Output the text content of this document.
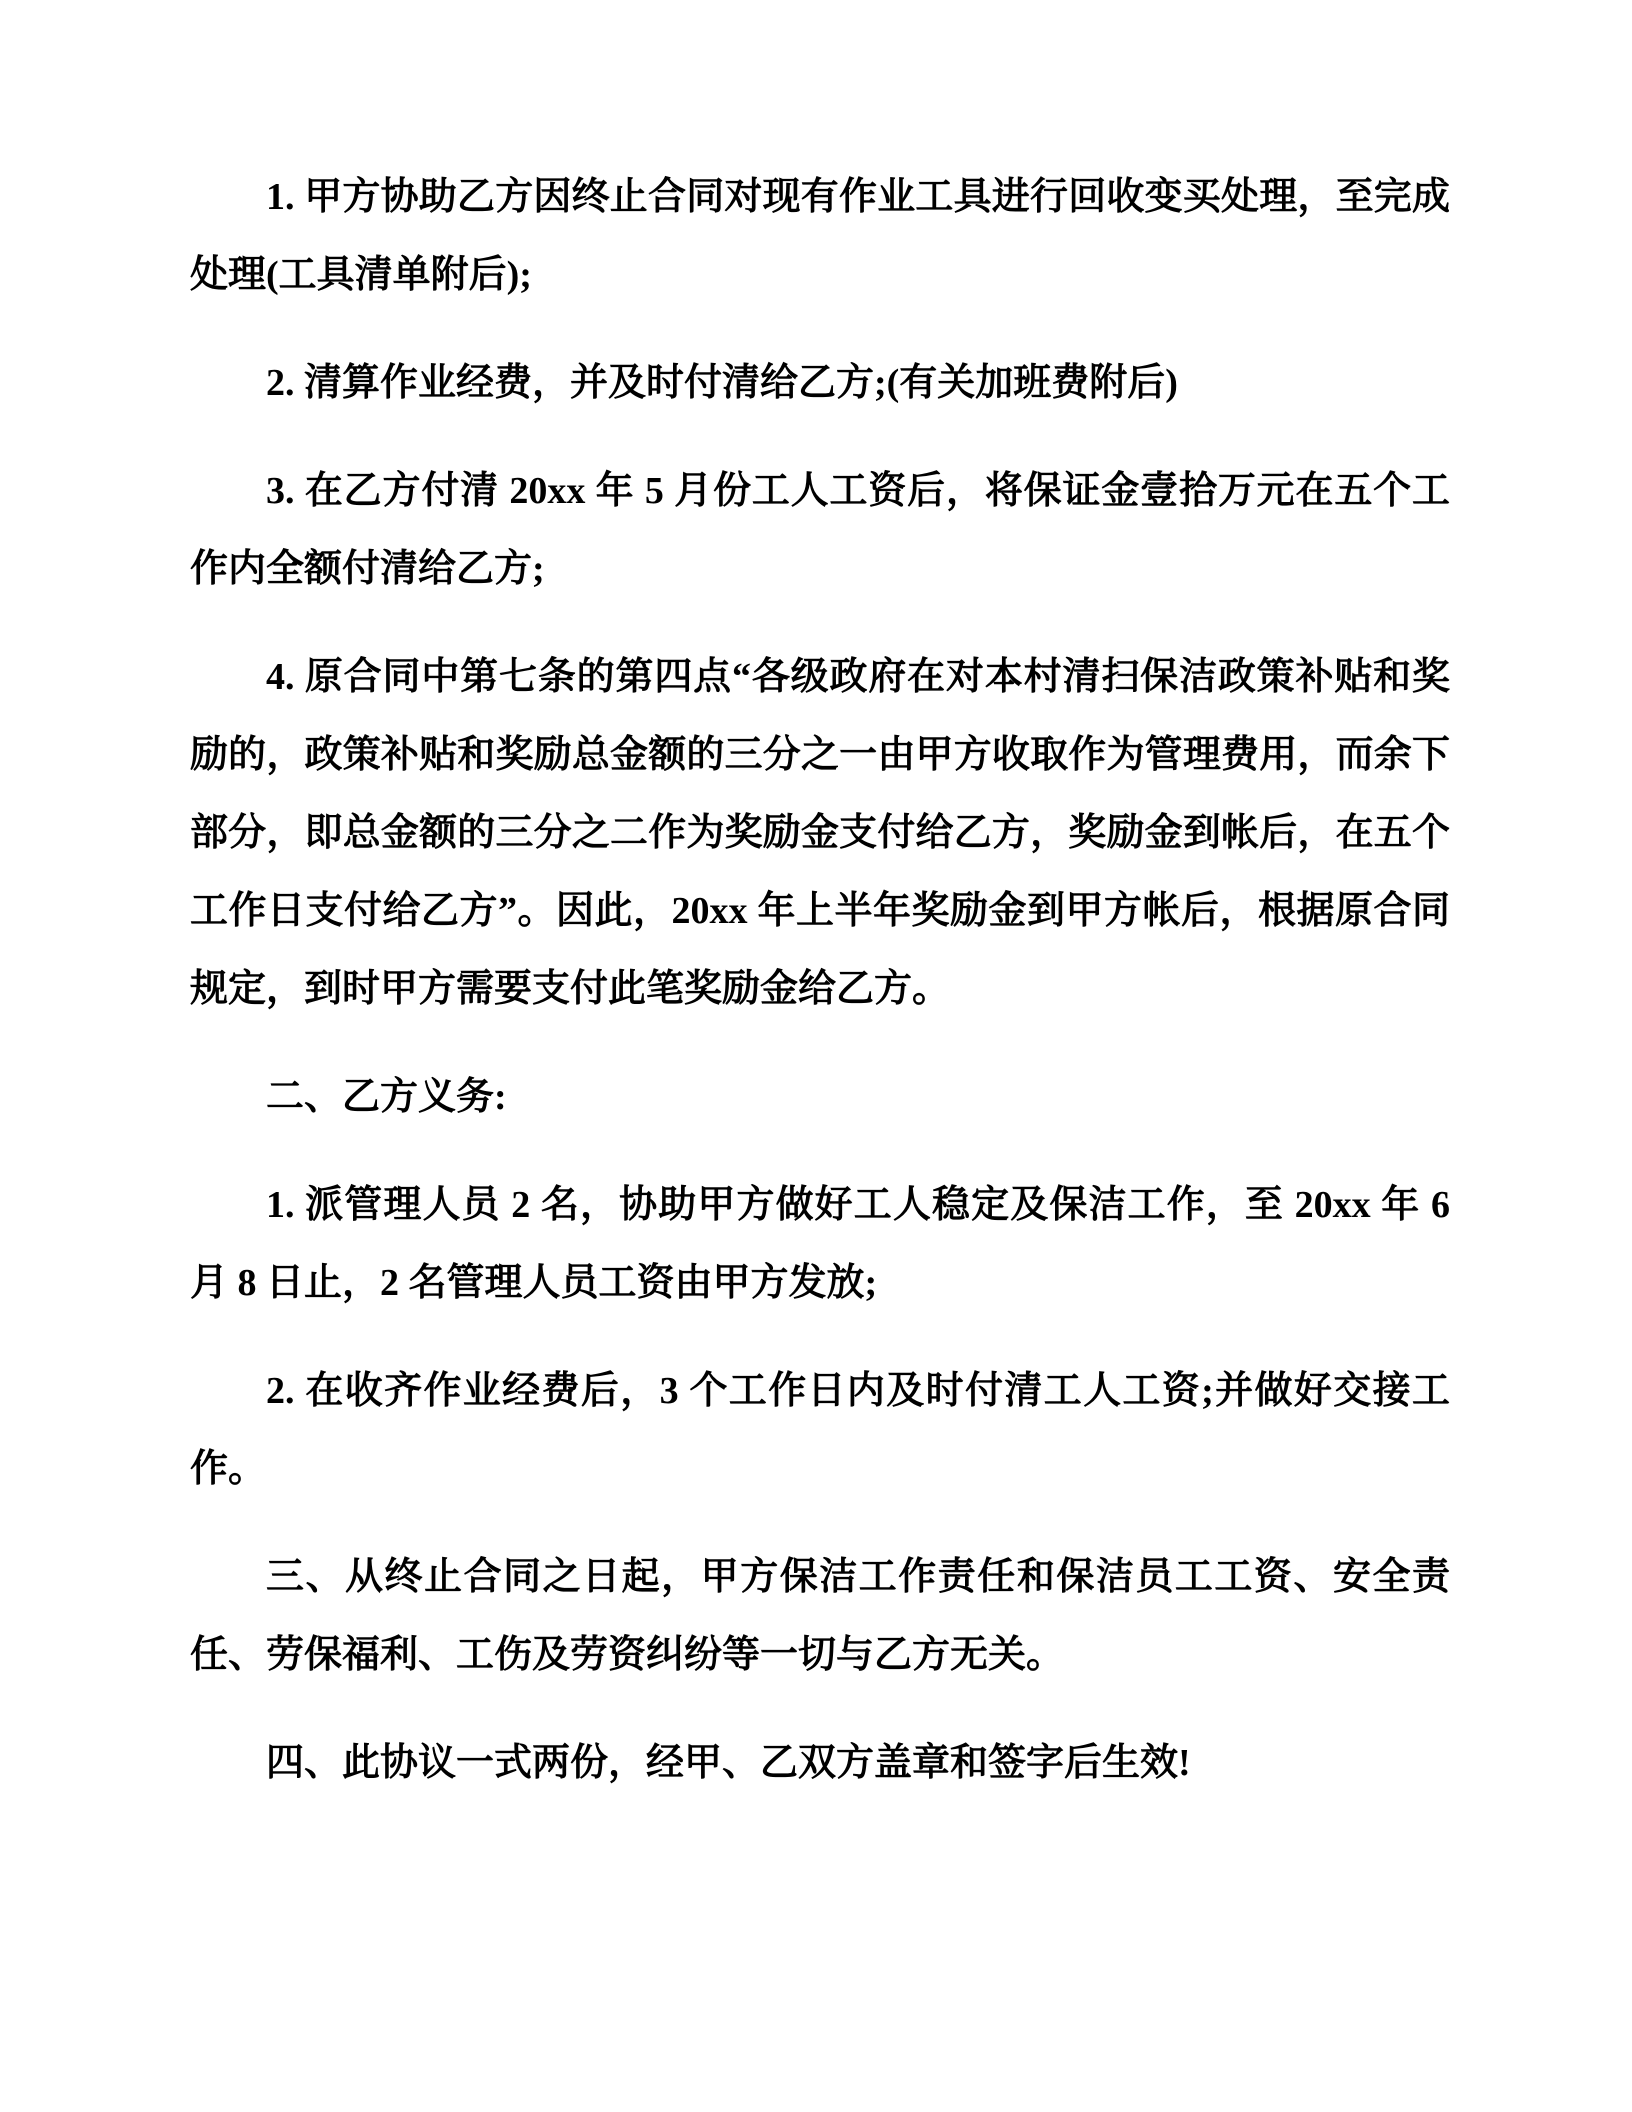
1. 甲方协助乙方因终止合同对现有作业工具进行回收变买处理，至完成处理(工具清单附后);

2. 清算作业经费，并及时付清给乙方;(有关加班费附后)

3. 在乙方付清 20xx 年 5 月份工人工资后，将保证金壹拾万元在五个工作内全额付清给乙方;

4. 原合同中第七条的第四点“各级政府在对本村清扫保洁政策补贴和奖励的，政策补贴和奖励总金额的三分之一由甲方收取作为管理费用，而余下部分，即总金额的三分之二作为奖励金支付给乙方，奖励金到帐后，在五个工作日支付给乙方”。因此，20xx 年上半年奖励金到甲方帐后，根据原合同规定，到时甲方需要支付此笔奖励金给乙方。

二、乙方义务:

1. 派管理人员 2 名，协助甲方做好工人稳定及保洁工作，至 20xx 年 6 月 8 日止，2 名管理人员工资由甲方发放;

2. 在收齐作业经费后，3 个工作日内及时付清工人工资;并做好交接工作。

三、从终止合同之日起，甲方保洁工作责任和保洁员工工资、安全责任、劳保福利、工伤及劳资纠纷等一切与乙方无关。

四、此协议一式两份，经甲、乙双方盖章和签字后生效!
